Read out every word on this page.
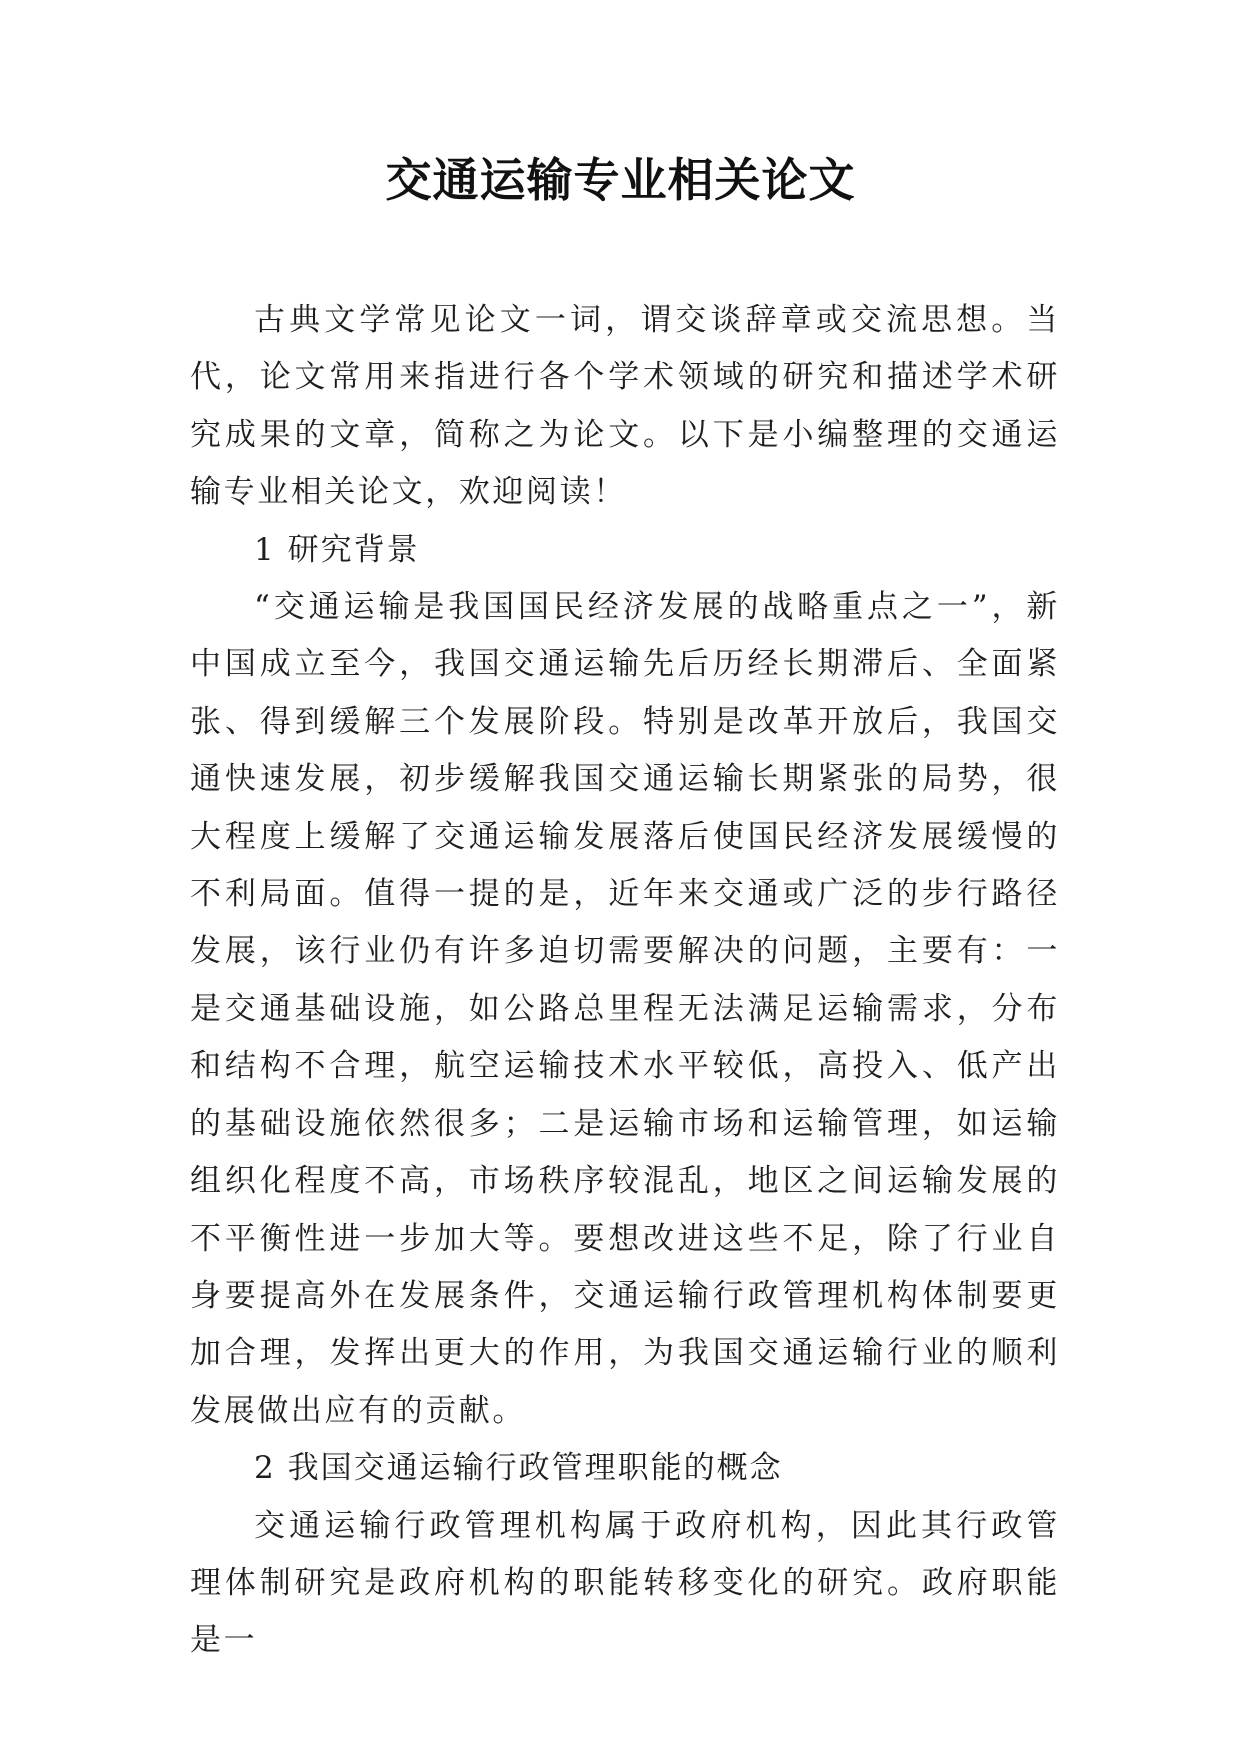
交通运输专业相关论文

古典文学常见论文一词，谓交谈辞章或交流思想。当代，论文常用来指进行各个学术领域的研究和描述学术研究成果的文章，简称之为论文。以下是小编整理的交通运输专业相关论文，欢迎阅读！

1 研究背景

“交通运输是我国国民经济发展的战略重点之一”，新中国成立至今，我国交通运输先后历经长期滞后、全面紧张、得到缓解三个发展阶段。特别是改革开放后，我国交通快速发展，初步缓解我国交通运输长期紧张的局势，很大程度上缓解了交通运输发展落后使国民经济发展缓慢的不利局面。值得一提的是，近年来交通或广泛的步行路径发展，该行业仍有许多迫切需要解决的问题，主要有：一是交通基础设施，如公路总里程无法满足运输需求，分布和结构不合理，航空运输技术水平较低，高投入、低产出的基础设施依然很多；二是运输市场和运输管理，如运输组织化程度不高，市场秩序较混乱，地区之间运输发展的不平衡性进一步加大等。要想改进这些不足，除了行业自身要提高外在发展条件，交通运输行政管理机构体制要更加合理，发挥出更大的作用，为我国交通运输行业的顺利发展做出应有的贡献。

2 我国交通运输行政管理职能的概念

交通运输行政管理机构属于政府机构，因此其行政管理体制研究是政府机构的职能转移变化的研究。政府职能是一
